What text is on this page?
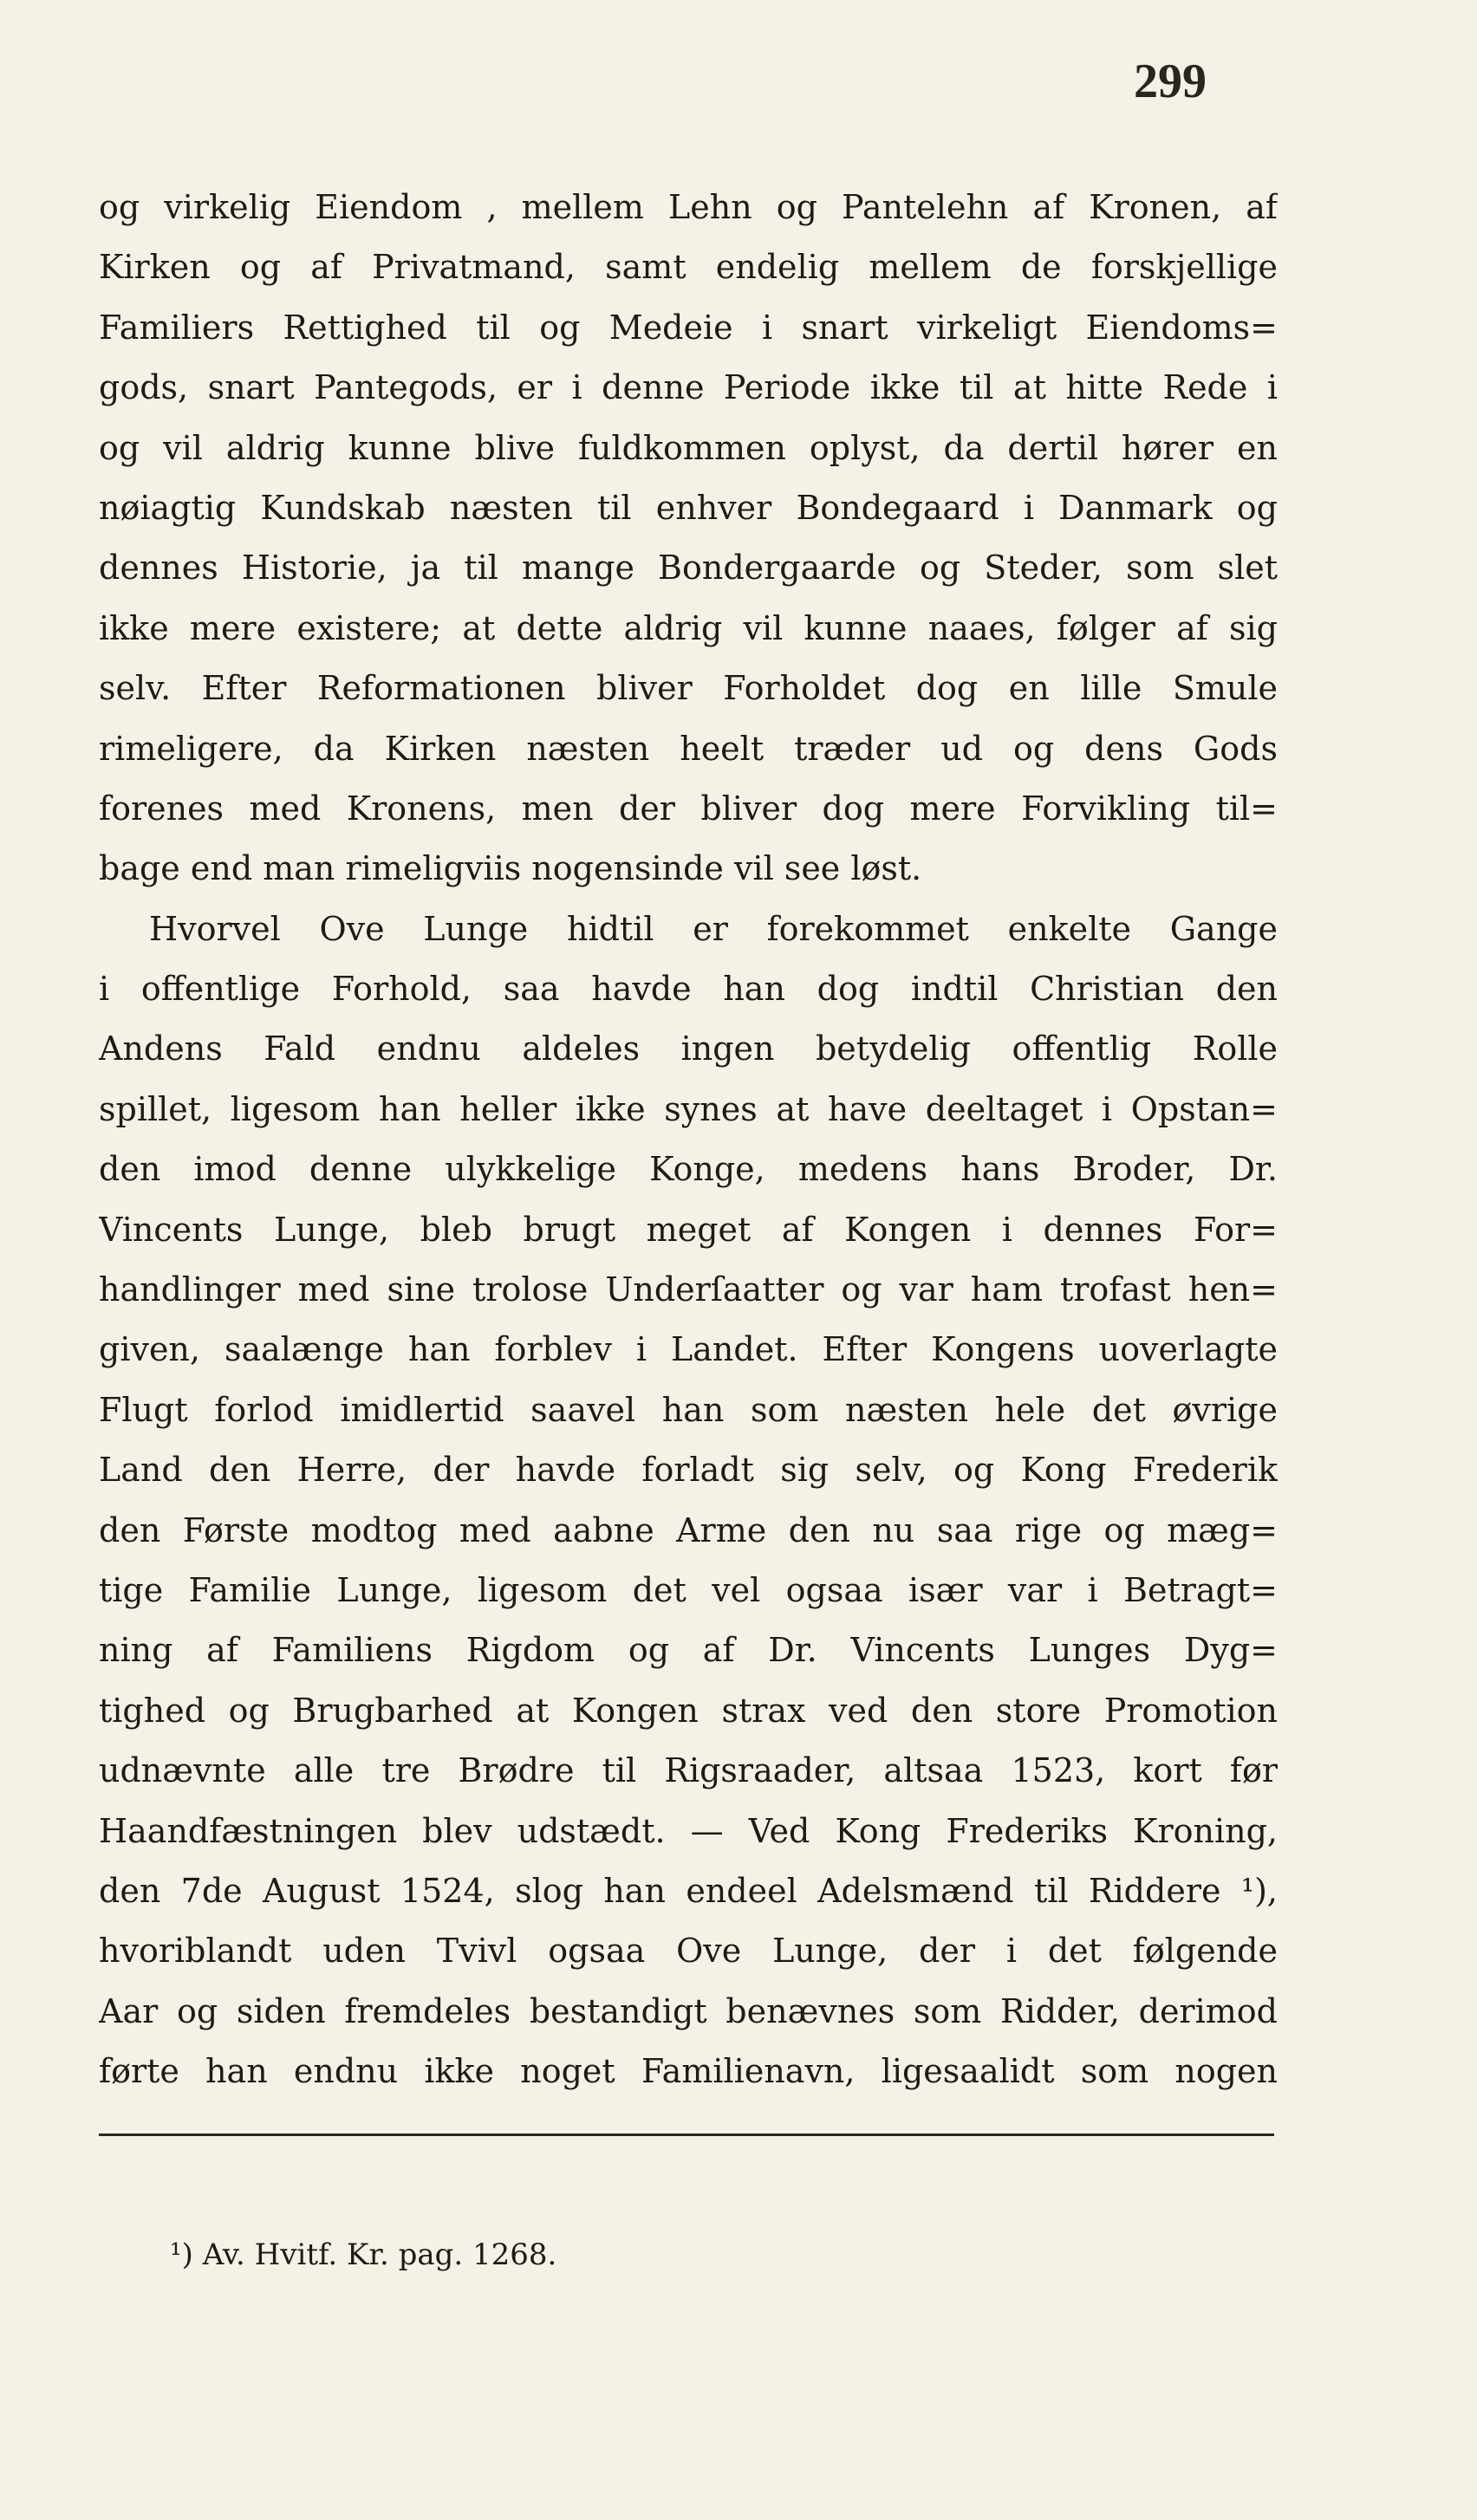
299
og virkelig Eiendom , mellem Lehn og Pantelehn af Kronen, af
Kirken og af Privatmand, samt endelig mellem de forskjellige
Familiers Rettighed til og Medeie i snart virkeligt Eiendoms=
gods, snart Pantegods, er i denne Periode ikke til at hitte Rede i
og vil aldrig kunne blive fuldkommen oplyst, da dertil hører en
nøiagtig Kundskab næsten til enhver Bondegaard i Danmark og
dennes Historie, ja til mange Bondergaarde og Steder, som slet
ikke mere existere; at dette aldrig vil kunne naaes, følger af sig
selv. Efter Reformationen bliver Forholdet dog en lille Smule
rimeligere, da Kirken næsten heelt træder ud og dens Gods
forenes med Kronens, men der bliver dog mere Forvikling til=
bage end man rimeligviis nogensinde vil see løst.
Hvorvel Ove Lunge hidtil er forekommet enkelte Gange
i offentlige Forhold, saa havde han dog indtil Christian den
Andens Fald endnu aldeles ingen betydelig offentlig Rolle
spillet, ligesom han heller ikke synes at have deeltaget i Opstan=
den imod denne ulykkelige Konge, medens hans Broder, Dr.
Vincents Lunge, bleb brugt meget af Kongen i dennes For=
handlinger med sine trolose Underſaatter og var ham trofast hen=
given, saalænge han forblev i Landet. Efter Kongens uoverlagte
Flugt forlod imidlertid saavel han som næsten hele det øvrige
Land den Herre, der havde forladt sig selv, og Kong Frederik
den Første modtog med aabne Arme den nu saa rige og mæg=
tige Familie Lunge, ligesom det vel ogsaa især var i Betragt=
ning af Familiens Rigdom og af Dr. Vincents Lunges Dyg=
tighed og Brugbarhed at Kongen strax ved den store Promotion
udnævnte alle tre Brødre til Rigsraader, altsaa 1523, kort før
Haandfæstningen blev udstædt. — Ved Kong Frederiks Kroning,
den 7de August 1524, slog han endeel Adelsmænd til Riddere ¹),
hvoriblandt uden Tvivl ogsaa Ove Lunge, der i det følgende
Aar og siden fremdeles bestandigt benævnes som Ridder, derimod
førte han endnu ikke noget Familienavn, ligesaalidt som nogen
¹) Av. Hvitf. Kr. pag. 1268.
